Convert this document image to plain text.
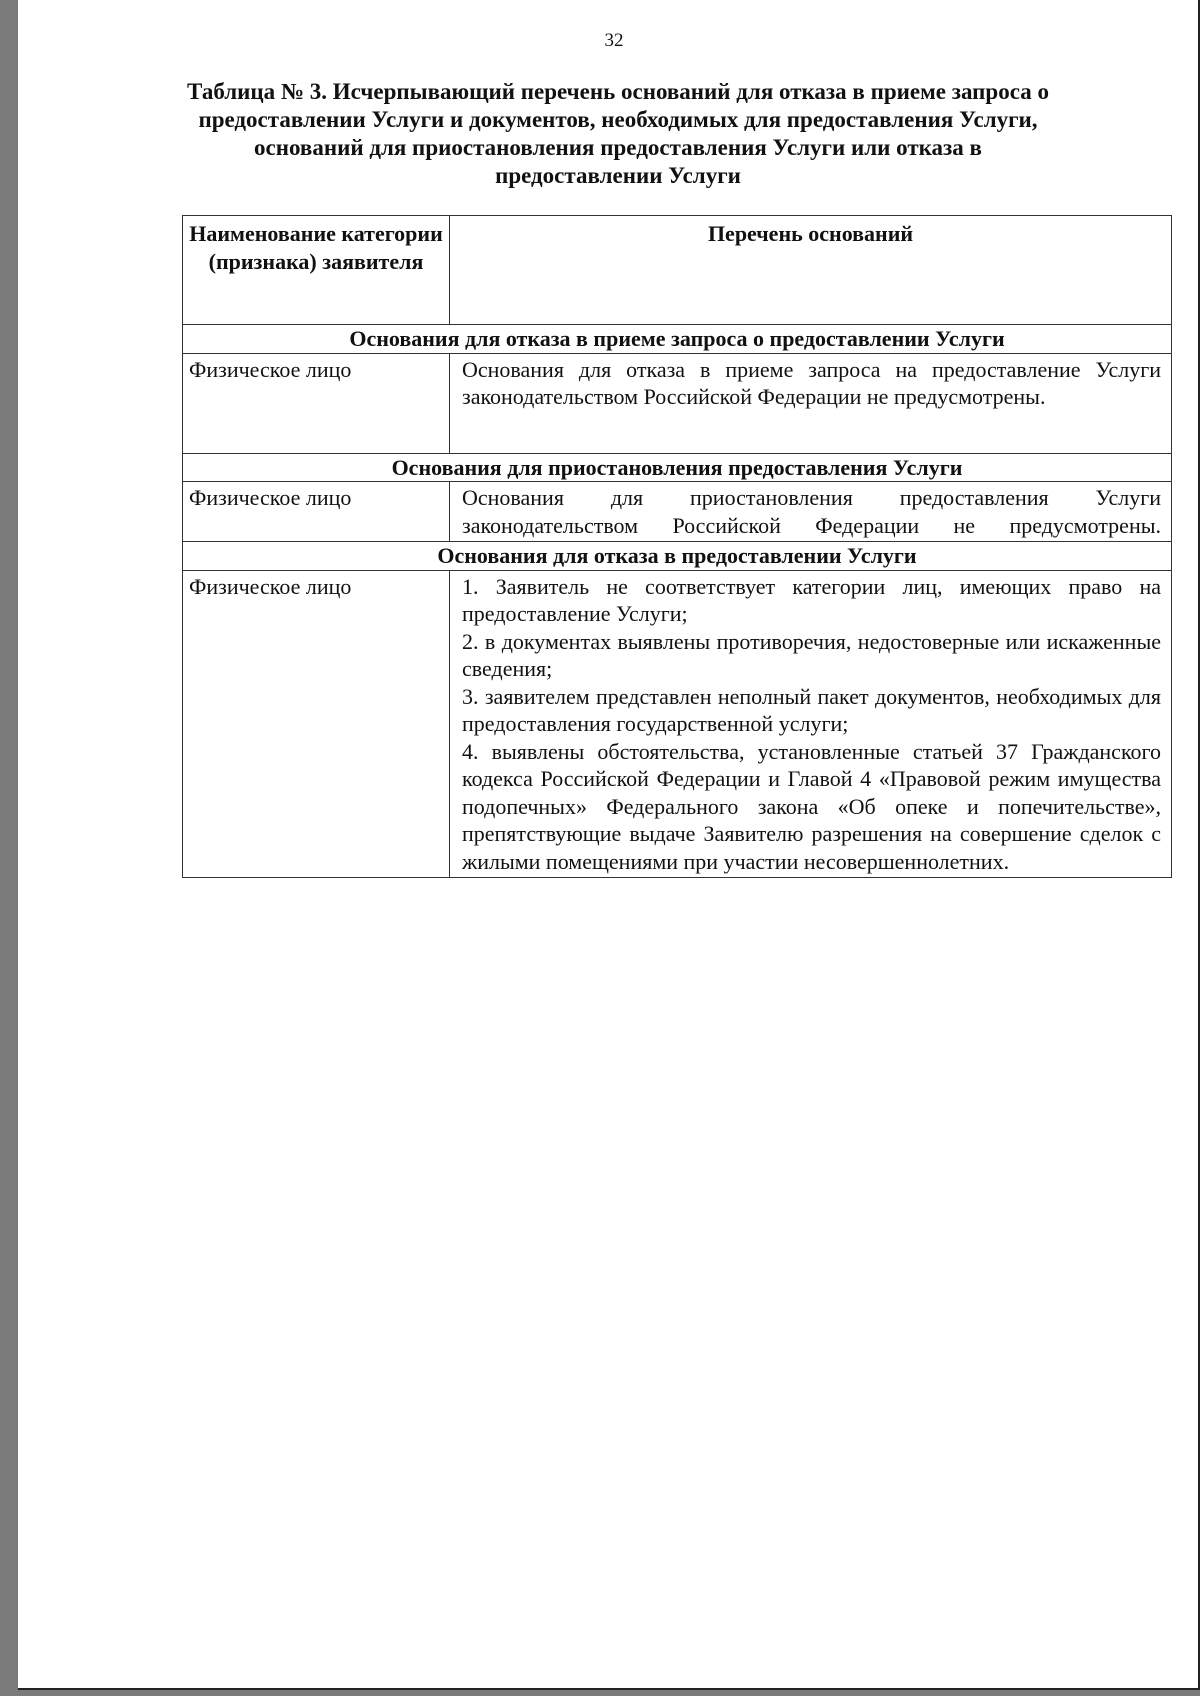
32
Таблица № 3. Исчерпывающий перечень оснований для отказа в приеме запроса о предоставлении Услуги и документов, необходимых для предоставления Услуги, оснований для приостановления предоставления Услуги или отказа в предоставлении Услуги
Наименование категории (признака) заявителя	Перечень оснований
Основания для отказа в приеме запроса о предоставлении Услуги	
Физическое лицо	Основания для отказа в приеме запроса на предоставление Услуги законодательством Российской Федерации не предусмотрены.

Основания для приостановления предоставления Услуги	
Физическое лицо	Основания для приостановления предоставления Услуги законодательством Российской Федерации не предусмотрены.

Основания для отказа в предоставлении Услуги	
Физическое лицо	1. Заявитель не соответствует категории лиц, имеющих право на предоставление Услуги;

2. в документах выявлены противоречия, недостоверные или искаженные сведения;

3. заявителем представлен неполный пакет документов, необходимых для предоставления государственной услуги;

4. выявлены обстоятельства, установленные статьей 37 Гражданского кодекса Российской Федерации и Главой 4 «Правовой режим имущества подопечных» Федерального закона «Об опеке и попечительстве», препятствующие выдаче Заявителю разрешения на совершение сделок с жилыми помещениями при участии несовершеннолетних.
